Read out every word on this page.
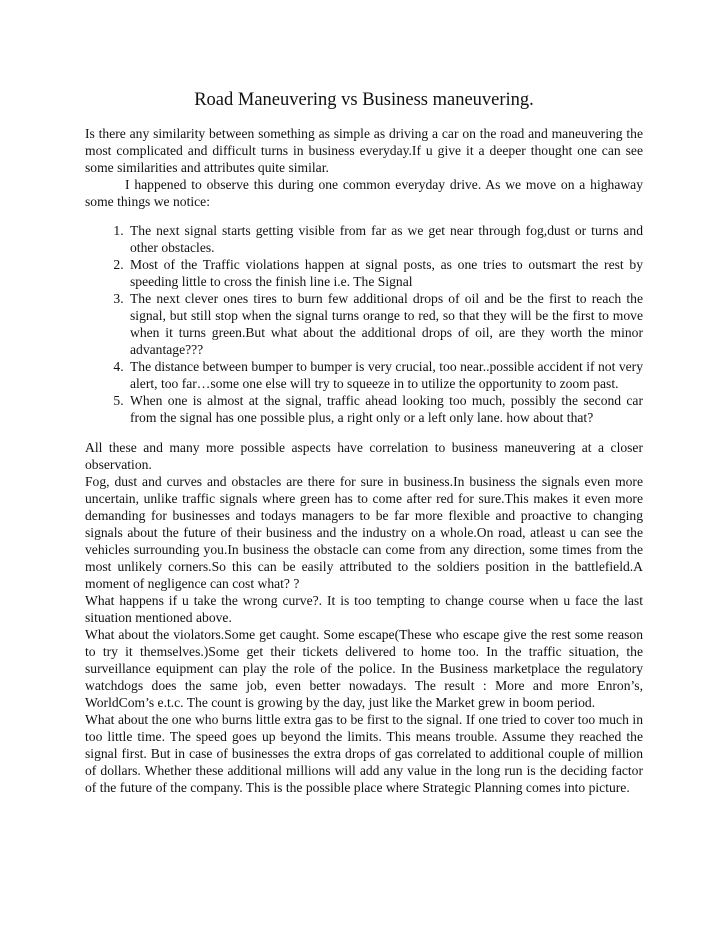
Road Maneuvering vs Business maneuvering.

Is there any similarity between something as simple as driving a car on the road and maneuvering the most complicated and difficult turns in business everyday.If u give it a deeper thought one can see some similarities and attributes quite similar.

I happened to observe this during one common everyday drive. As we move on a highaway some things we notice:

1. The next signal starts getting visible from far as we get near through fog,dust or turns and other obstacles.
2. Most of the Traffic violations happen at signal posts, as one tries to outsmart the rest by speeding little to cross the finish line i.e. The Signal
3. The next clever ones tires to burn few additional drops of oil and be the first to reach the signal, but still stop when the signal turns orange to red, so that they will be the first to move when it turns green.But what about the additional drops of oil, are they worth the minor advantage???
4. The distance between bumper to bumper is very crucial, too near..possible accident if not very alert, too far…some one else will try to squeeze in to utilize the opportunity to zoom past.
5. When one is almost at the signal, traffic ahead looking too much, possibly the second car from the signal has one possible plus, a right only or a left only lane. how about that?

All these and many more possible aspects have correlation to business maneuvering at a closer observation.

Fog, dust and curves and obstacles are there for sure in business.In business the signals even more uncertain, unlike traffic signals where green has to come after red for sure.This makes it even more demanding for businesses and todays managers to be far more flexible and proactive to changing signals about the future of their business and the industry on a whole.On road, atleast u can see the vehicles surrounding you.In business the obstacle can come from any direction, some times from the most unlikely corners.So this can be easily attributed to the soldiers position in the battlefield.A moment of negligence can cost what? ?

What happens if u take the wrong curve?. It is too tempting to change course when u face the last situation mentioned above.

What about the violators.Some get caught. Some escape(These who escape give the rest some reason to try it themselves.)Some get their tickets delivered to home too. In the traffic situation, the surveillance equipment can play the role of the police. In the Business marketplace the regulatory watchdogs does the same job, even better nowadays. The result : More and more Enron’s, WorldCom’s e.t.c. The count is growing by the day, just like the Market grew in boom period.

What about the one who burns little extra gas to be first to the signal. If one tried to cover too much in too little time. The speed goes up beyond the limits. This means trouble. Assume they reached the signal first. But in case of businesses the extra drops of gas correlated to additional couple of million of dollars. Whether these additional millions will add any value in the long run is the deciding factor of the future of the company. This is the possible place where Strategic Planning comes into picture.
